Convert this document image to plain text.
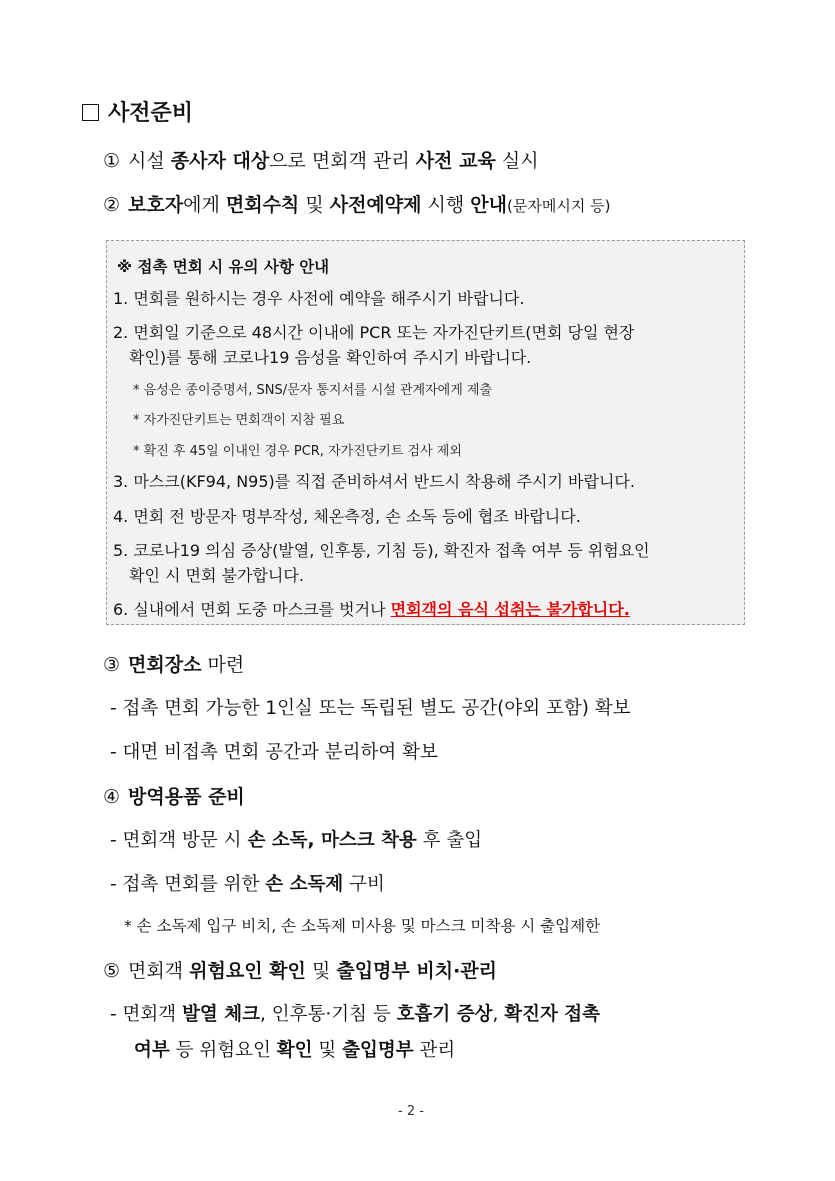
사전준비
① 시설 종사자 대상으로 면회객 관리 사전 교육 실시
② 보호자에게 면회수칙 및 사전예약제 시행 안내(문자메시지 등)
※ 접촉 면회 시 유의 사항 안내
1. 면회를 원하시는 경우 사전에 예약을 해주시기 바랍니다.
2. 면회일 기준으로 48시간 이내에 PCR 또는 자가진단키트(면회 당일 현장
확인)를 통해 코로나19 음성을 확인하여 주시기 바랍니다.
* 음성은 종이증명서, SNS/문자 통지서를 시설 관계자에게 제출
* 자가진단키트는 면회객이 지참 필요
* 확진 후 45일 이내인 경우 PCR, 자가진단키트 검사 제외
3. 마스크(KF94, N95)를 직접 준비하셔서 반드시 착용해 주시기 바랍니다.
4. 면회 전 방문자 명부작성, 체온측정, 손 소독 등에 협조 바랍니다.
5. 코로나19 의심 증상(발열, 인후통, 기침 등), 확진자 접촉 여부 등 위험요인
확인 시 면회 불가합니다.
6. 실내에서 면회 도중 마스크를 벗거나 면회객의 음식 섭취는 불가합니다.
③ 면회장소 마련
- 접촉 면회 가능한 1인실 또는 독립된 별도 공간(야외 포함) 확보
- 대면 비접촉 면회 공간과 분리하여 확보
④ 방역용품 준비
- 면회객 방문 시 손 소독, 마스크 착용 후 출입
- 접촉 면회를 위한 손 소독제 구비
* 손 소독제 입구 비치, 손 소독제 미사용 및 마스크 미착용 시 출입제한
⑤ 면회객 위험요인 확인 및 출입명부 비치·관리
- 면회객 발열 체크, 인후통·기침 등 호흡기 증상, 확진자 접촉
여부 등 위험요인 확인 및 출입명부 관리
- 2 -
